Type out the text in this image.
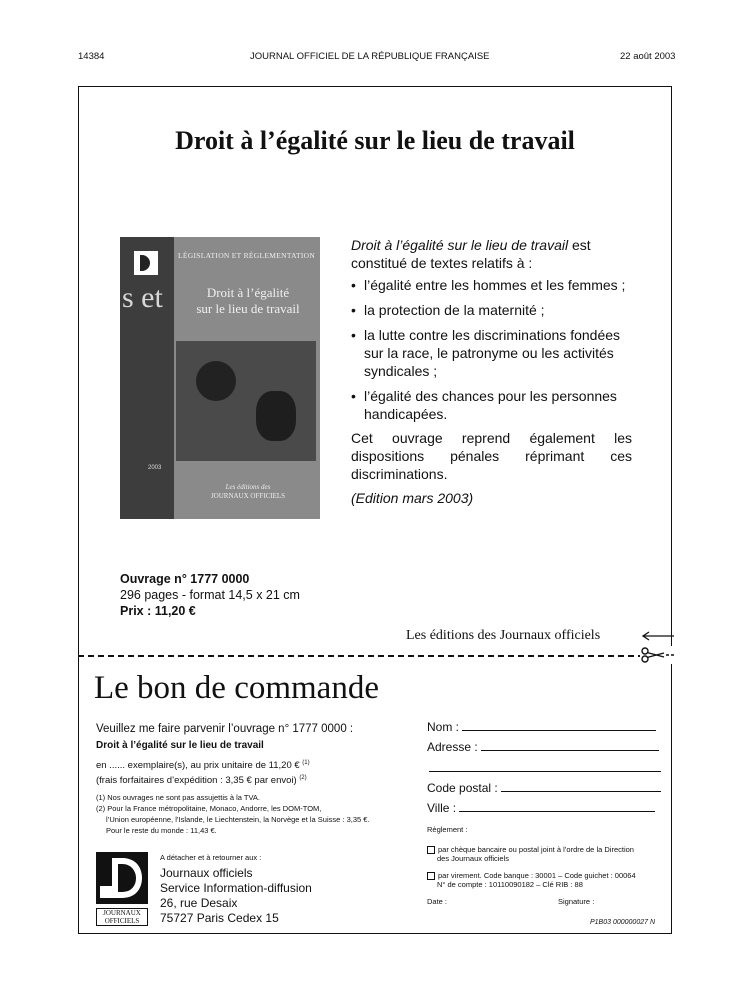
14384	JOURNAL OFFICIEL DE LA RÉPUBLIQUE FRANÇAISE	22 août 2003
Droit à l’égalité sur le lieu de travail
s et
LÉGISLATION ET RÉGLEMENTATION
Droit à l’égalité
sur le lieu de travail
2003
Les éditions des
JOURNAUX OFFICIELS
Droit à l’égalité sur le lieu de travail est constitué de textes relatifs à :
• l’égalité entre les hommes et les femmes ;
• la protection de la maternité ;
• la lutte contre les discriminations fondées sur la race, le patronyme ou les activités syndicales ;
• l’égalité des chances pour les personnes handicapées.
Cet ouvrage reprend également les dispositions pénales réprimant ces discriminations.
(Edition mars 2003)
Ouvrage n° 1777 0000
296 pages - format 14,5 x 21 cm
Prix : 11,20 €
Les éditions des Journaux officiels
Le bon de commande
Veuillez me faire parvenir l’ouvrage n° 1777 0000 :
Droit à l’égalité sur le lieu de travail
en ...... exemplaire(s), au prix unitaire de 11,20 € $^{(1)}$
(frais forfaitaires d’expédition : 3,35 € par envoi) $^{(2)}$
(1) Nos ouvrages ne sont pas assujettis à la TVA.
(2) Pour la France métropolitaine, Monaco, Andorre, les DOM-TOM,
l’Union européenne, l’Islande, le Liechtenstein, la Norvège et la Suisse : 3,35 €.
Pour le reste du monde : 11,43 €.
JOURNAUX
OFFICIELS
A détacher et à retourner aux :
Journaux officiels
Service Information-diffusion
26, rue Desaix
75727 Paris Cedex 15
Nom :
Adresse :
Code postal :
Ville :
Règlement :
par chèque bancaire ou postal joint à l’ordre de la Direction
des Journaux officiels
par virement. Code banque : 30001 – Code guichet : 00064
N° de compte : 10110090182 – Clé RIB : 88
Date :	Signature :
P1B03 000000027 N
